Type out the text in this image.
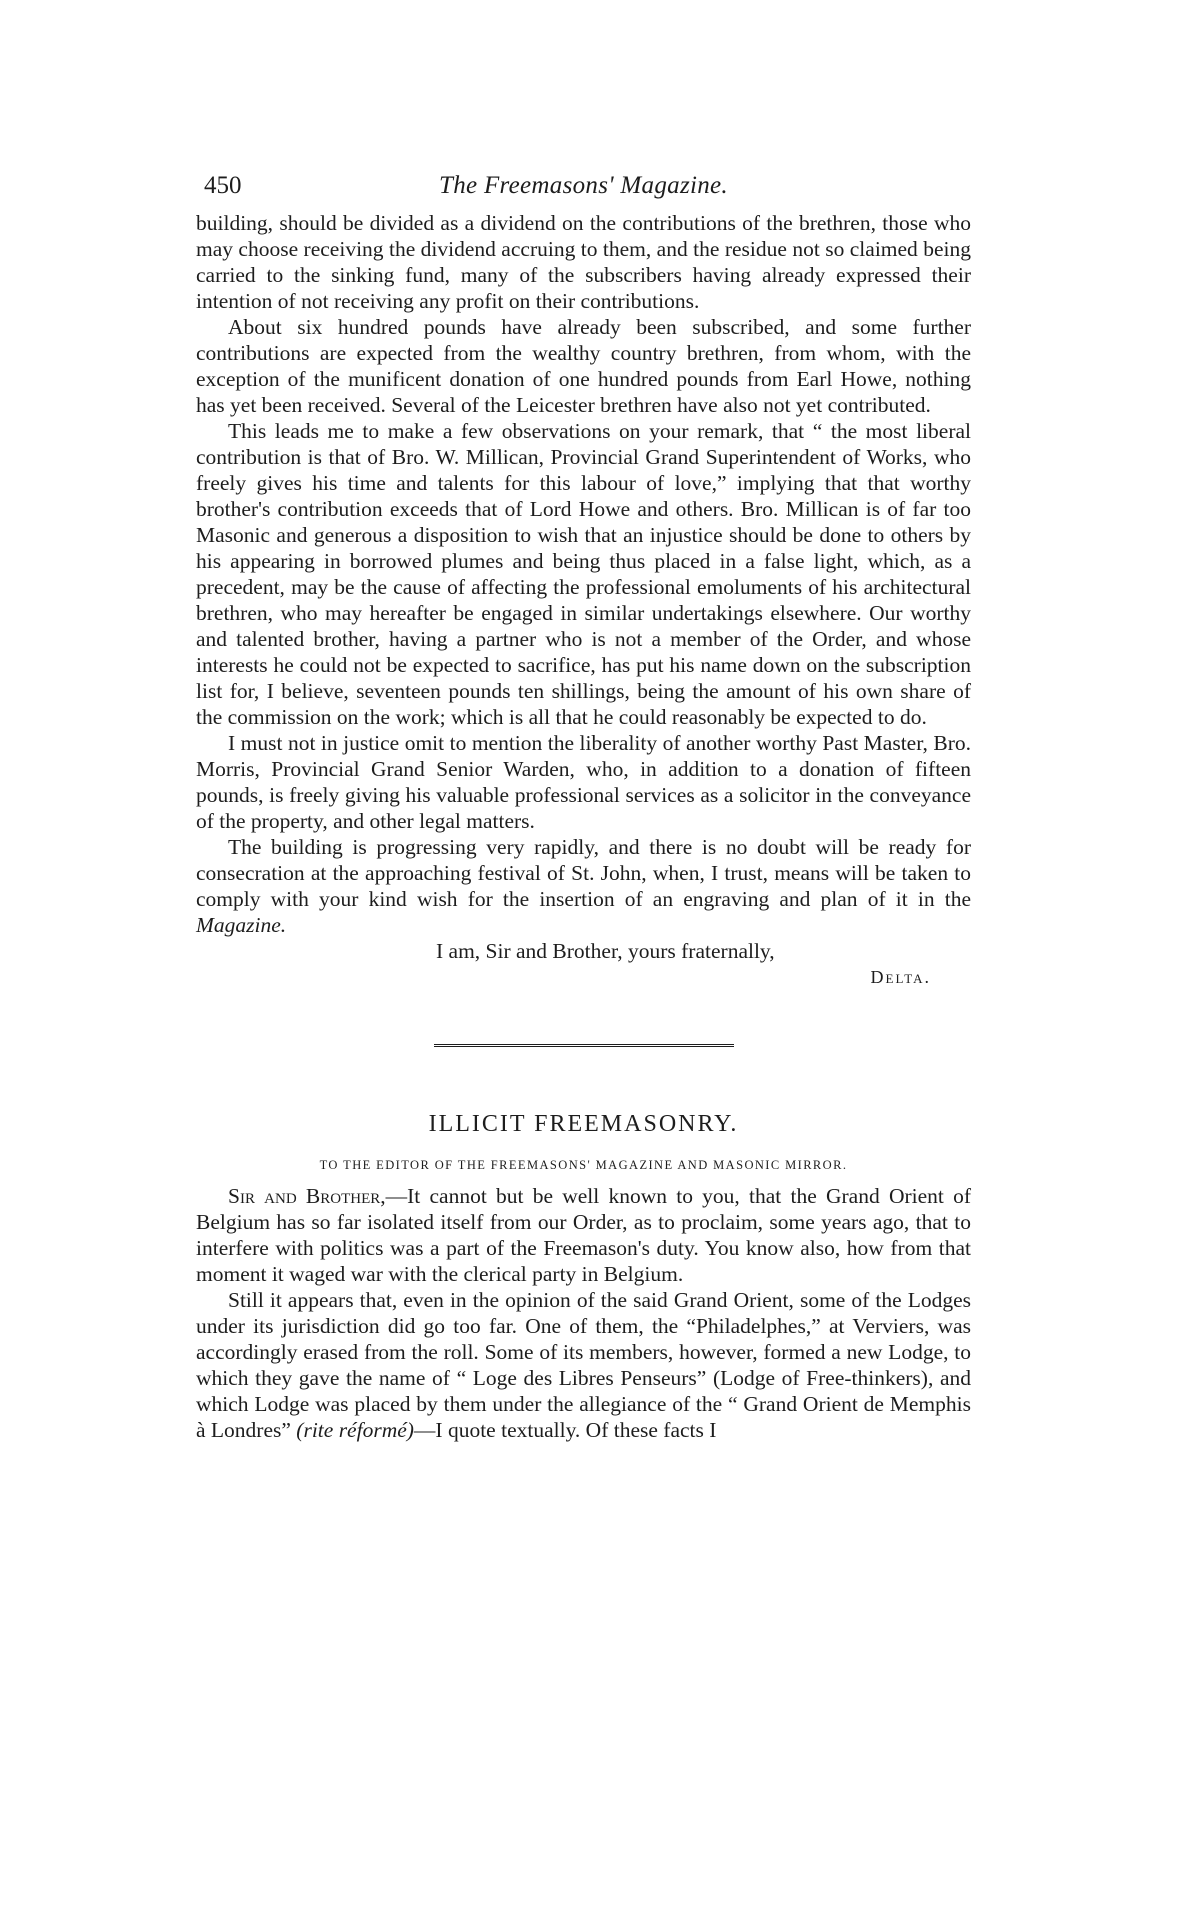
450	The Freemasons' Magazine.

building, should be divided as a dividend on the contributions of the brethren, those who may choose receiving the dividend accruing to them, and the residue not so claimed being carried to the sinking fund, many of the subscribers having already expressed their intention of not receiving any profit on their contributions.

About six hundred pounds have already been subscribed, and some further contributions are expected from the wealthy country brethren, from whom, with the exception of the munificent donation of one hundred pounds from Earl Howe, nothing has yet been received. Several of the Leicester brethren have also not yet contributed.

This leads me to make a few observations on your remark, that “ the most liberal contribution is that of Bro. W. Millican, Provincial Grand Superintendent of Works, who freely gives his time and talents for this labour of love,” implying that that worthy brother's contribution exceeds that of Lord Howe and others. Bro. Millican is of far too Masonic and generous a disposition to wish that an injustice should be done to others by his appearing in borrowed plumes and being thus placed in a false light, which, as a precedent, may be the cause of affecting the professional emoluments of his architectural brethren, who may hereafter be engaged in similar undertakings elsewhere. Our worthy and talented brother, having a partner who is not a member of the Order, and whose interests he could not be expected to sacrifice, has put his name down on the subscription list for, I believe, seventeen pounds ten shillings, being the amount of his own share of the commission on the work; which is all that he could reasonably be expected to do.

I must not in justice omit to mention the liberality of another worthy Past Master, Bro. Morris, Provincial Grand Senior Warden, who, in addition to a donation of fifteen pounds, is freely giving his valuable professional services as a solicitor in the conveyance of the property, and other legal matters.

The building is progressing very rapidly, and there is no doubt will be ready for consecration at the approaching festival of St. John, when, I trust, means will be taken to comply with your kind wish for the insertion of an engraving and plan of it in the Magazine.

I am, Sir and Brother, yours fraternally,

Delta.

ILLICIT FREEMASONRY.

TO THE EDITOR OF THE FREEMASONS' MAGAZINE AND MASONIC MIRROR.

Sir and Brother,—It cannot but be well known to you, that the Grand Orient of Belgium has so far isolated itself from our Order, as to proclaim, some years ago, that to interfere with politics was a part of the Freemason's duty. You know also, how from that moment it waged war with the clerical party in Belgium.

Still it appears that, even in the opinion of the said Grand Orient, some of the Lodges under its jurisdiction did go too far. One of them, the “Philadelphes,” at Verviers, was accordingly erased from the roll. Some of its members, however, formed a new Lodge, to which they gave the name of “ Loge des Libres Penseurs” (Lodge of Free-thinkers), and which Lodge was placed by them under the allegiance of the “ Grand Orient de Memphis à Londres” (rite réformé)—I quote textually. Of these facts I
